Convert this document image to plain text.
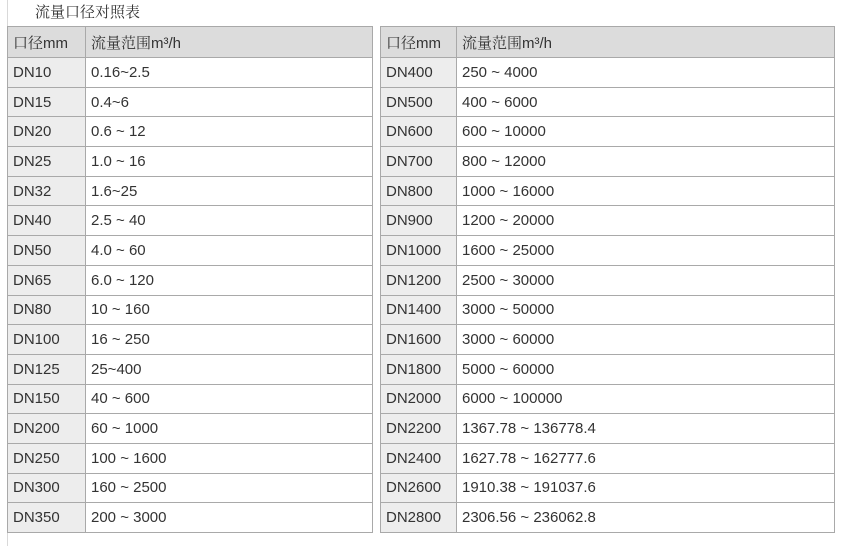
流量口径对照表
口径mm	流量范围m³/h
DN10	0.16~2.5
DN15	0.4~6
DN20	0.6 ~ 12
DN25	1.0 ~ 16
DN32	1.6~25
DN40	2.5 ~ 40
DN50	4.0 ~ 60
DN65	6.0 ~ 120
DN80	10 ~ 160
DN100	16 ~ 250
DN125	25~400
DN150	40 ~ 600
DN200	60 ~ 1000
DN250	100 ~ 1600
DN300	160 ~ 2500
DN350	200 ~ 3000
口径mm	流量范围m³/h
DN400	250 ~ 4000
DN500	400 ~ 6000
DN600	600 ~ 10000
DN700	800 ~ 12000
DN800	1000 ~ 16000
DN900	1200 ~ 20000
DN1000	1600 ~ 25000
DN1200	2500 ~ 30000
DN1400	3000 ~ 50000
DN1600	3000 ~ 60000
DN1800	5000 ~ 60000
DN2000	6000 ~ 100000
DN2200	1367.78 ~ 136778.4
DN2400	1627.78 ~ 162777.6
DN2600	1910.38 ~ 191037.6
DN2800	2306.56 ~ 236062.8
